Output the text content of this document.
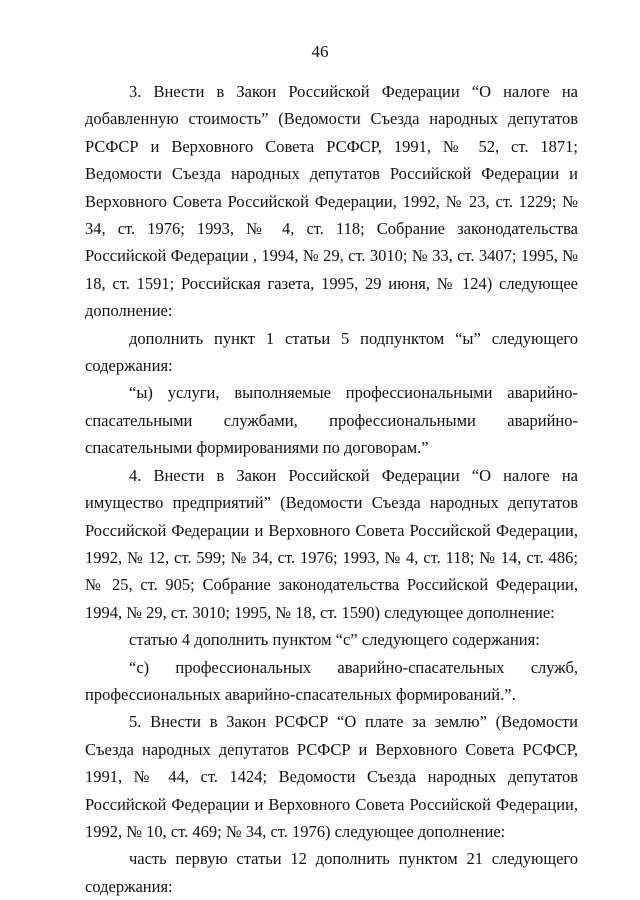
46

3. Внести в Закон Российской Федерации “О налоге на добавленную стоимость” (Ведомости Съезда народных депутатов РСФСР и Верховного Совета РСФСР, 1991, № 52, ст. 1871; Ведомости Съезда народных депутатов Российской Федерации и Верховного Совета Российской Федерации, 1992, № 23, ст. 1229; № 34, ст. 1976; 1993, № 4, ст. 118; Собрание законодательства Российской Федерации , 1994, № 29, ст. 3010; № 33, ст. 3407; 1995, № 18, ст. 1591; Российская газета, 1995, 29 июня, № 124) следующее дополнение:

дополнить пункт 1 статьи 5 подпунктом “ы” следующего содержания:

“ы) услуги, выполняемые профессиональными аварийно-спасательными службами, профессиональными аварийно-спасательными формированиями по договорам.”

4. Внести в Закон Российской Федерации “О налоге на имущество предприятий” (Ведомости Съезда народных депутатов Российской Федерации и Верховного Совета Российской Федерации, 1992, № 12, ст. 599; № 34, ст. 1976; 1993, № 4, ст. 118; № 14, ст. 486; № 25, ст. 905; Собрание законодательства Российской Федерации, 1994, № 29, ст. 3010; 1995, № 18, ст. 1590) следующее дополнение:

статью 4 дополнить пунктом “с” следующего содержания:

“с) профессиональных аварийно-спасательных служб, профессиональных аварийно-спасательных формирований.”.

5. Внести в Закон РСФСР “О плате за землю” (Ведомости Съезда народных депутатов РСФСР и Верховного Совета РСФСР, 1991, № 44, ст. 1424; Ведомости Съезда народных депутатов Российской Федерации и Верховного Совета Российской Федерации, 1992, № 10, ст. 469; № 34, ст. 1976) следующее дополнение:

часть первую статьи 12 дополнить пунктом 21 следующего содержания:
